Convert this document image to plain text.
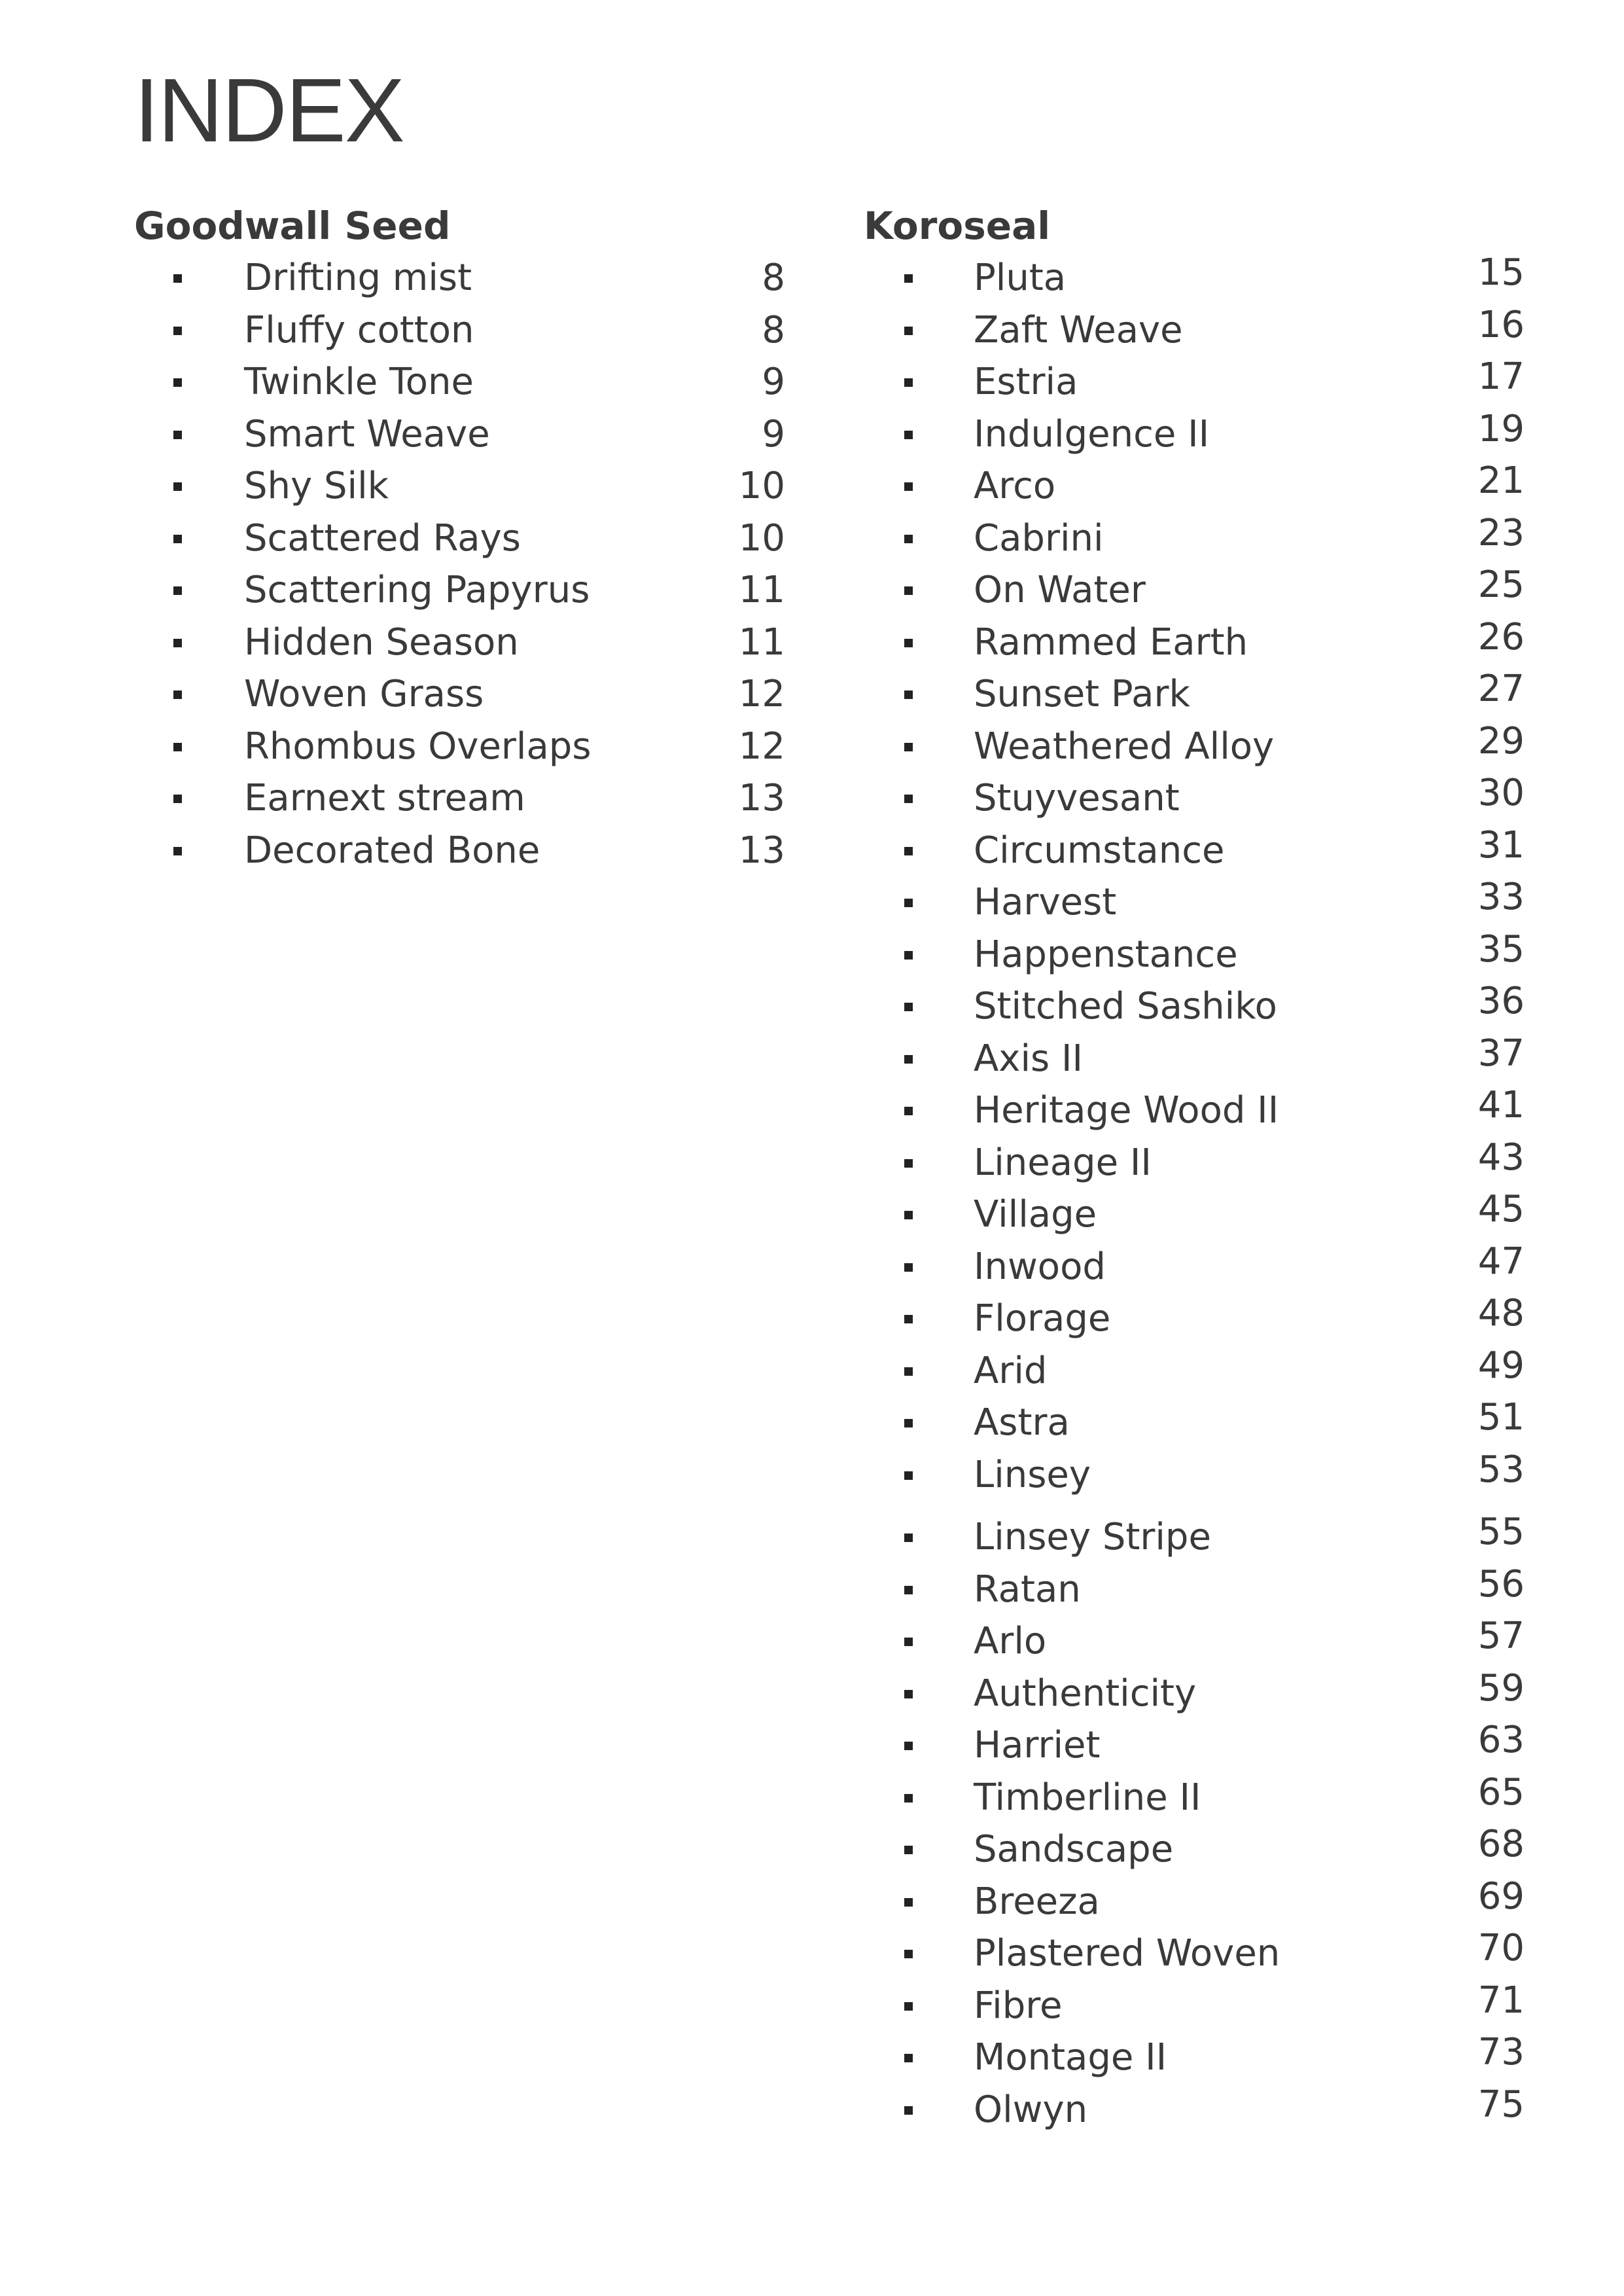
INDEX
Goodwall Seed
Drifting mist	8
Fluffy cotton	8
Twinkle Tone	9
Smart Weave	9
Shy Silk	10
Scattered Rays	10
Scattering Papyrus	11
Hidden Season	11
Woven Grass	12
Rhombus Overlaps	12
Earnext stream	13
Decorated Bone	13
Koroseal
Pluta	15
Zaft Weave	16
Estria	17
Indulgence II	19
Arco	21
Cabrini	23
On Water	25
Rammed Earth	26
Sunset Park	27
Weathered Alloy	29
Stuyvesant	30
Circumstance	31
Harvest	33
Happenstance	35
Stitched Sashiko	36
Axis II	37
Heritage Wood II	41
Lineage II	43
Village	45
Inwood	47
Florage	48
Arid	49
Astra	51
Linsey	53
Linsey Stripe	55
Ratan	56
Arlo	57
Authenticity	59
Harriet	63
Timberline II	65
Sandscape	68
Breeza	69
Plastered Woven	70
Fibre	71
Montage II	73
Olwyn	75
